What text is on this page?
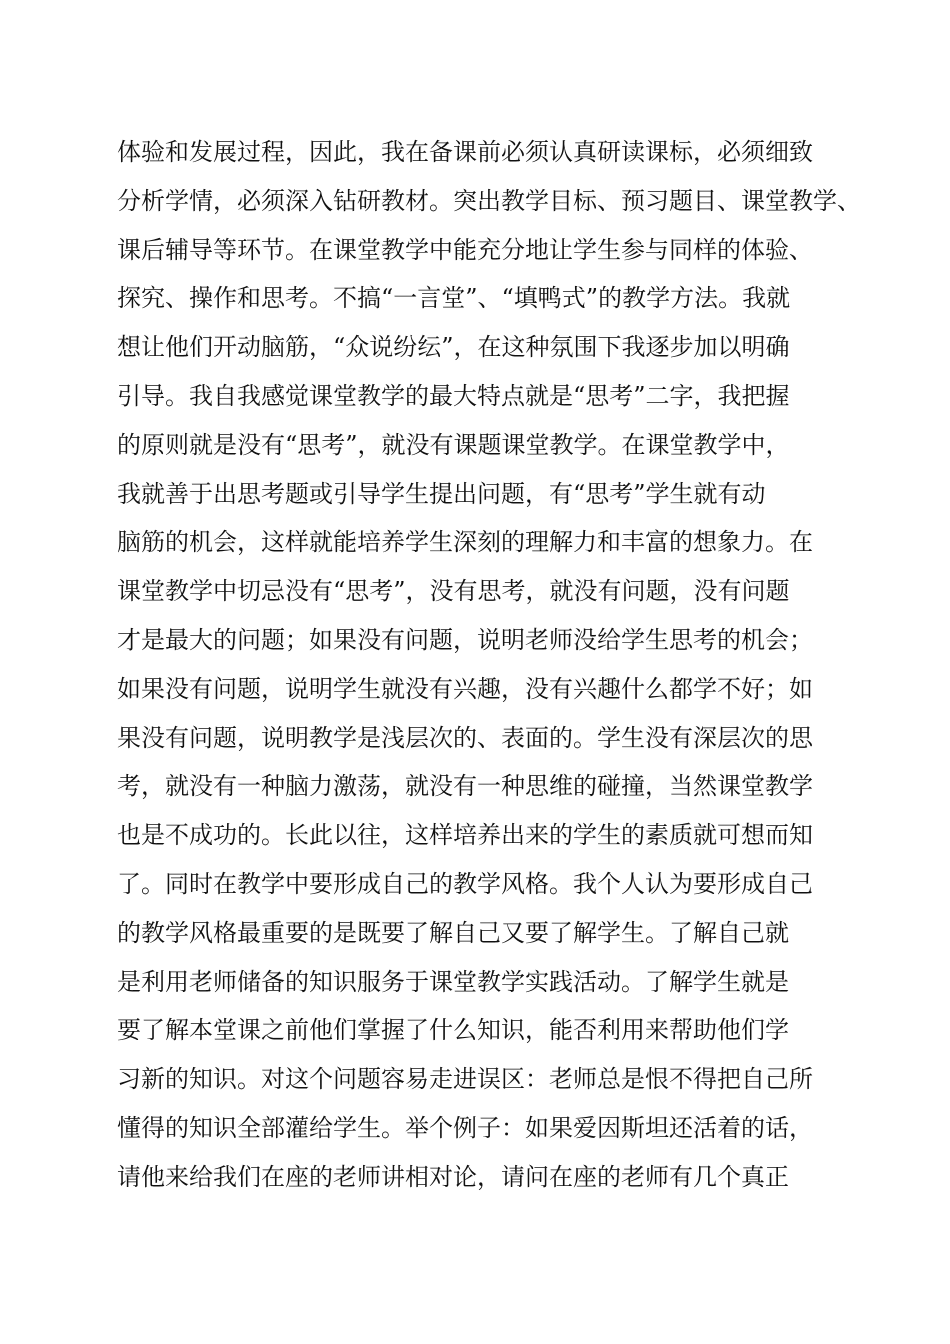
体验和发展过程，因此，我在备课前必须认真研读课标，必须细致
分析学情，必须深入钻研教材。突出教学目标、预习题目、课堂教学、
课后辅导等环节。在课堂教学中能充分地让学生参与同样的体验、
探究、操作和思考。不搞“一言堂”、“填鸭式”的教学方法。我就
想让他们开动脑筋，“众说纷纭”，在这种氛围下我逐步加以明确
引导。我自我感觉课堂教学的最大特点就是“思考”二字，我把握
的原则就是没有“思考”，就没有课题课堂教学。在课堂教学中，
我就善于出思考题或引导学生提出问题，有“思考”学生就有动
脑筋的机会，这样就能培养学生深刻的理解力和丰富的想象力。在
课堂教学中切忌没有“思考”，没有思考，就没有问题，没有问题
才是最大的问题；如果没有问题，说明老师没给学生思考的机会；
如果没有问题，说明学生就没有兴趣，没有兴趣什么都学不好；如
果没有问题，说明教学是浅层次的、表面的。学生没有深层次的思
考，就没有一种脑力激荡，就没有一种思维的碰撞，当然课堂教学
也是不成功的。长此以往，这样培养出来的学生的素质就可想而知
了。同时在教学中要形成自己的教学风格。我个人认为要形成自己
的教学风格最重要的是既要了解自己又要了解学生。了解自己就
是利用老师储备的知识服务于课堂教学实践活动。了解学生就是
要了解本堂课之前他们掌握了什么知识，能否利用来帮助他们学
习新的知识。对这个问题容易走进误区：老师总是恨不得把自己所
懂得的知识全部灌给学生。举个例子：如果爱因斯坦还活着的话，
请他来给我们在座的老师讲相对论，请问在座的老师有几个真正
